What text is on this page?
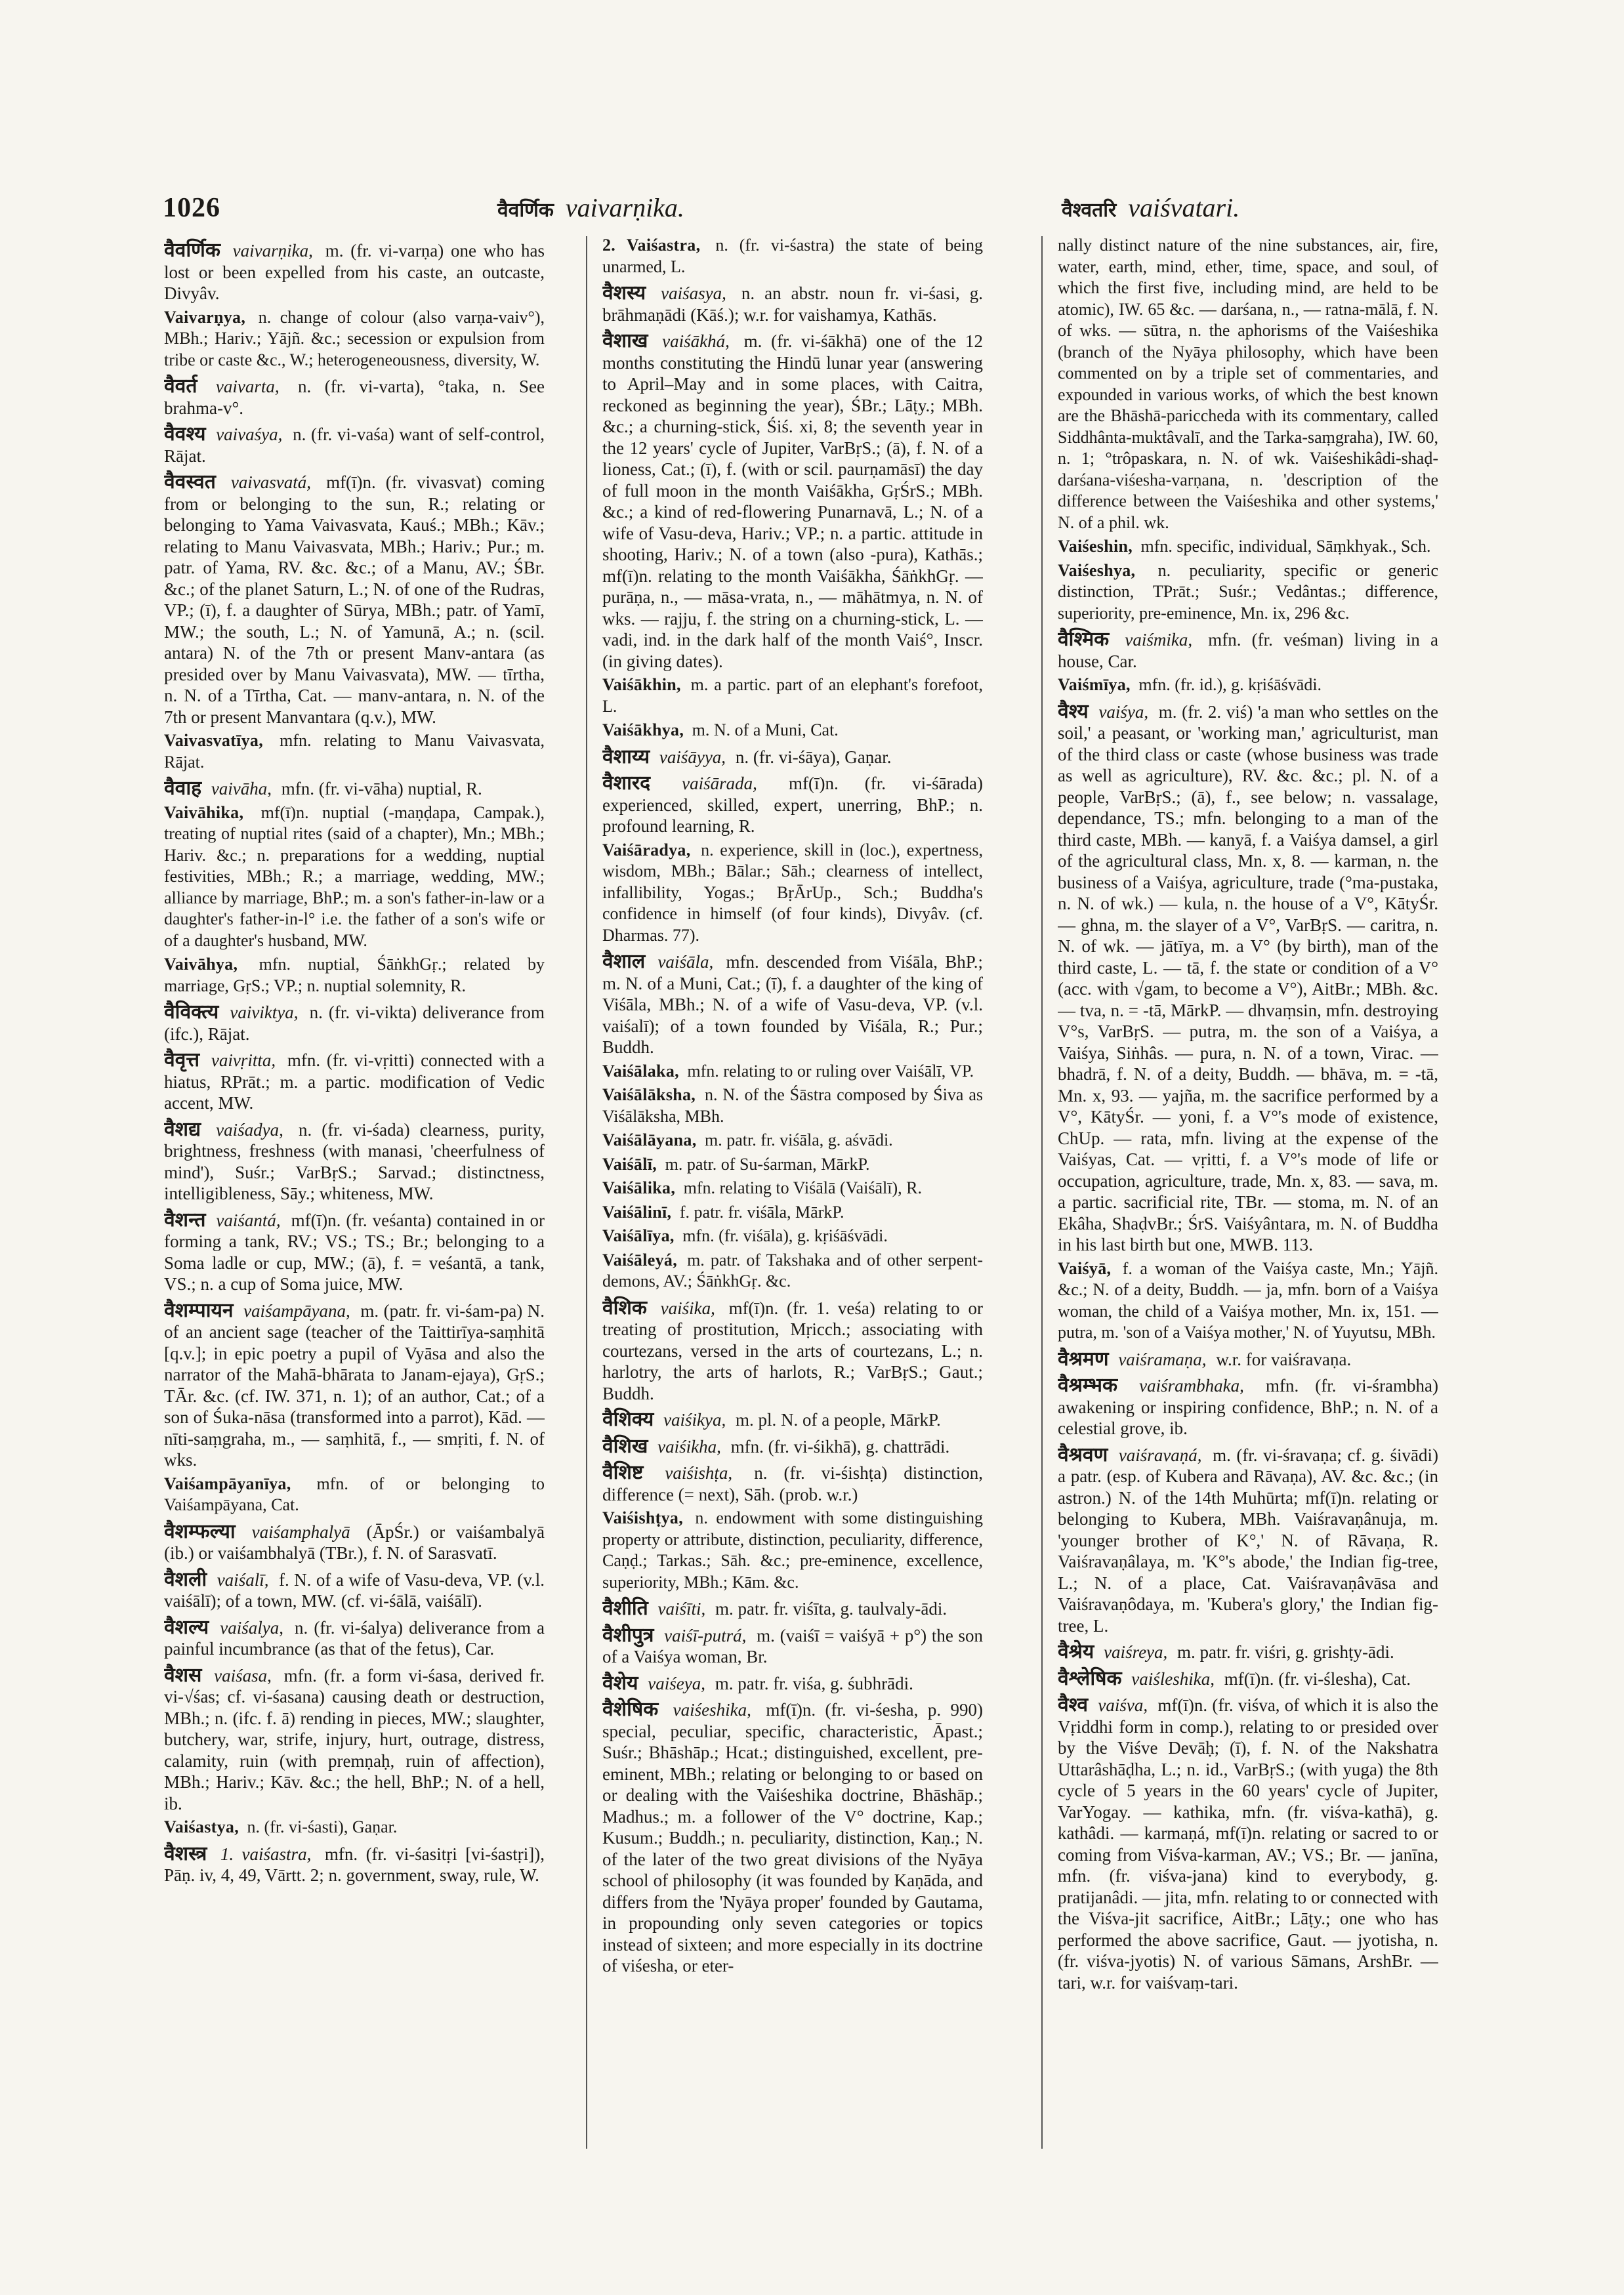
1026	वैवर्णिक vaivarṇika.	वैश्वतरि vaiśvatari.

वैवर्णिक vaivarṇika, m. (fr. vi-varṇa) one who has lost or been expelled from his caste, an outcaste, Divyâv.

Vaivarṇya, n. change of colour (also varṇa-vaiv°), MBh.; Hariv.; Yājñ. &c.; secession or expulsion from tribe or caste &c., W.; heterogeneousness, diversity, W.

वैवर्त vaivarta, n. (fr. vi-varta), °taka, n. See brahma-v°.

वैवश्य vaivaśya, n. (fr. vi-vaśa) want of self-control, Rājat.

वैवस्वत vaivasvatá, mf(ī)n. (fr. vivasvat) coming from or belonging to the sun, R.; relating or belonging to Yama Vaivasvata, Kauś.; MBh.; Kāv.; relating to Manu Vaivasvata, MBh.; Hariv.; Pur.; m. patr. of Yama, RV. &c. &c.; of a Manu, AV.; ŚBr. &c.; of the planet Saturn, L.; N. of one of the Rudras, VP.; (ī), f. a daughter of Sūrya, MBh.; patr. of Yamī, MW.; the south, L.; N. of Yamunā, A.; n. (scil. antara) N. of the 7th or present Manv-antara (as presided over by Manu Vaivasvata), MW. — tīrtha, n. N. of a Tīrtha, Cat. — manv-antara, n. N. of the 7th or present Manvantara (q.v.), MW.

Vaivasvatīya, mfn. relating to Manu Vaivasvata, Rājat.

वैवाह vaivāha, mfn. (fr. vi-vāha) nuptial, R.

Vaivāhika, mf(ī)n. nuptial (-maṇḍapa, Campak.), treating of nuptial rites (said of a chapter), Mn.; MBh.; Hariv. &c.; n. preparations for a wedding, nuptial festivities, MBh.; R.; a marriage, wedding, MW.; alliance by marriage, BhP.; m. a son's father-in-law or a daughter's father-in-l° i.e. the father of a son's wife or of a daughter's husband, MW.

Vaivāhya, mfn. nuptial, ŚāṅkhGṛ.; related by marriage, GṛS.; VP.; n. nuptial solemnity, R.

वैविक्त्य vaiviktya, n. (fr. vi-vikta) deliverance from (ifc.), Rājat.

वैवृत्त vaivṛitta, mfn. (fr. vi-vṛitti) connected with a hiatus, RPrāt.; m. a partic. modification of Vedic accent, MW.

वैशद्य vaiśadya, n. (fr. vi-śada) clearness, purity, brightness, freshness (with manasi, 'cheerfulness of mind'), Suśr.; VarBṛS.; Sarvad.; distinctness, intelligibleness, Sāy.; whiteness, MW.

वैशन्त vaiśantá, mf(ī)n. (fr. veśanta) contained in or forming a tank, RV.; VS.; TS.; Br.; belonging to a Soma ladle or cup, MW.; (ā), f. = veśantā, a tank, VS.; n. a cup of Soma juice, MW.

वैशम्पायन vaiśampāyana, m. (patr. fr. vi-śam-pa) N. of an ancient sage (teacher of the Taittirīya-saṃhitā [q.v.]; in epic poetry a pupil of Vyāsa and also the narrator of the Mahā-bhārata to Janam-ejaya), GṛS.; TĀr. &c. (cf. IW. 371, n. 1); of an author, Cat.; of a son of Śuka-nāsa (transformed into a parrot), Kād. — nīti-saṃgraha, m., — saṃhitā, f., — smṛiti, f. N. of wks.

Vaiśampāyanīya, mfn. of or belonging to Vaiśampāyana, Cat.

वैशम्फल्या vaiśamphalyā (ĀpŚr.) or vaiśambalyā (ib.) or vaiśambhalyā (TBr.), f. N. of Sarasvatī.

वैशली vaiśalī, f. N. of a wife of Vasu-deva, VP. (v.l. vaiśālī); of a town, MW. (cf. vi-śālā, vaiśālī).

वैशल्य vaiśalya, n. (fr. vi-śalya) deliverance from a painful incumbrance (as that of the fetus), Car.

वैशस vaiśasa, mfn. (fr. a form vi-śasa, derived fr. vi-√śas; cf. vi-śasana) causing death or destruction, MBh.; n. (ifc. f. ā) rending in pieces, MW.; slaughter, butchery, war, strife, injury, hurt, outrage, distress, calamity, ruin (with premṇaḥ, ruin of affection), MBh.; Hariv.; Kāv. &c.; the hell, BhP.; N. of a hell, ib.

Vaiśastya, n. (fr. vi-śasti), Gaṇar.

वैशस्त्र 1. vaiśastra, mfn. (fr. vi-śasitṛi [vi-śastṛi]), Pāṇ. iv, 4, 49, Vārtt. 2; n. government, sway, rule, W.

2. Vaiśastra, n. (fr. vi-śastra) the state of being unarmed, L.

वैशस्य vaiśasya, n. an abstr. noun fr. vi-śasi, g. brāhmaṇādi (Kāś.); w.r. for vaishamya, Kathās.

वैशाख vaiśākhá, m. (fr. vi-śākhā) one of the 12 months constituting the Hindū lunar year (answering to April–May and in some places, with Caitra, reckoned as beginning the year), ŚBr.; Lāṭy.; MBh. &c.; a churning-stick, Śiś. xi, 8; the seventh year in the 12 years' cycle of Jupiter, VarBṛS.; (ā), f. N. of a lioness, Cat.; (ī), f. (with or scil. paurṇamāsī) the day of full moon in the month Vaiśākha, GṛŚrS.; MBh. &c.; a kind of red-flowering Punarnavā, L.; N. of a wife of Vasu-deva, Hariv.; VP.; n. a partic. attitude in shooting, Hariv.; N. of a town (also -pura), Kathās.; mf(ī)n. relating to the month Vaiśākha, ŚāṅkhGṛ. — purāṇa, n., — māsa-vrata, n., — māhātmya, n. N. of wks. — rajju, f. the string on a churning-stick, L. — vadi, ind. in the dark half of the month Vaiś°, Inscr. (in giving dates).

Vaiśākhin, m. a partic. part of an elephant's forefoot, L.

Vaiśākhya, m. N. of a Muni, Cat.

वैशाय्य vaiśāyya, n. (fr. vi-śāya), Gaṇar.

वैशारद vaiśārada, mf(ī)n. (fr. vi-śārada) experienced, skilled, expert, unerring, BhP.; n. profound learning, R.

Vaiśāradya, n. experience, skill in (loc.), expertness, wisdom, MBh.; Bālar.; Sāh.; clearness of intellect, infallibility, Yogas.; BṛĀrUp., Sch.; Buddha's confidence in himself (of four kinds), Divyâv. (cf. Dharmas. 77).

वैशाल vaiśāla, mfn. descended from Viśāla, BhP.; m. N. of a Muni, Cat.; (ī), f. a daughter of the king of Viśāla, MBh.; N. of a wife of Vasu-deva, VP. (v.l. vaiśalī); of a town founded by Viśāla, R.; Pur.; Buddh.

Vaiśālaka, mfn. relating to or ruling over Vaiśālī, VP.

Vaiśālāksha, n. N. of the Śāstra composed by Śiva as Viśālāksha, MBh.

Vaiśālāyana, m. patr. fr. viśāla, g. aśvādi.

Vaiśālī, m. patr. of Su-śarman, MārkP.

Vaiśālika, mfn. relating to Viśālā (Vaiśālī), R.

Vaiśālinī, f. patr. fr. viśāla, MārkP.

Vaiśālīya, mfn. (fr. viśāla), g. kṛiśāśvādi.

Vaiśāleyá, m. patr. of Takshaka and of other serpent-demons, AV.; ŚāṅkhGṛ. &c.

वैशिक vaiśika, mf(ī)n. (fr. 1. veśa) relating to or treating of prostitution, Mṛicch.; associating with courtezans, versed in the arts of courtezans, L.; n. harlotry, the arts of harlots, R.; VarBṛS.; Gaut.; Buddh.

वैशिक्य vaiśikya, m. pl. N. of a people, MārkP.

वैशिख vaiśikha, mfn. (fr. vi-śikhā), g. chattrādi.

वैशिष्ट vaiśishṭa, n. (fr. vi-śishṭa) distinction, difference (= next), Sāh. (prob. w.r.)

Vaiśishṭya, n. endowment with some distinguishing property or attribute, distinction, peculiarity, difference, Caṇḍ.; Tarkas.; Sāh. &c.; pre-eminence, excellence, superiority, MBh.; Kām. &c.

वैशीति vaiśīti, m. patr. fr. viśīta, g. taulvaly-ādi.

वैशीपुत्र vaiśī-putrá, m. (vaiśī = vaiśyā + p°) the son of a Vaiśya woman, Br.

वैशेय vaiśeya, m. patr. fr. viśa, g. śubhrādi.

वैशेषिक vaiśeshika, mf(ī)n. (fr. vi-śesha, p. 990) special, peculiar, specific, characteristic, Āpast.; Suśr.; Bhāshāp.; Hcat.; distinguished, excellent, pre-eminent, MBh.; relating or belonging to or based on or dealing with the Vaiśeshika doctrine, Bhāshāp.; Madhus.; m. a follower of the V° doctrine, Kap.; Kusum.; Buddh.; n. peculiarity, distinction, Kaṇ.; N. of the later of the two great divisions of the Nyāya school of philosophy (it was founded by Kaṇāda, and differs from the 'Nyāya proper' founded by Gautama, in propounding only seven categories or topics instead of sixteen; and more especially in its doctrine of viśesha, or eter-

nally distinct nature of the nine substances, air, fire, water, earth, mind, ether, time, space, and soul, of which the first five, including mind, are held to be atomic), IW. 65 &c. — darśana, n., — ratna-mālā, f. N. of wks. — sūtra, n. the aphorisms of the Vaiśeshika (branch of the Nyāya philosophy, which have been commented on by a triple set of commentaries, and expounded in various works, of which the best known are the Bhāshā-pariccheda with its commentary, called Siddhânta-muktâvalī, and the Tarka-saṃgraha), IW. 60, n. 1; °trôpaskara, n. N. of wk. Vaiśeshikâdi-shaḍ-darśana-viśesha-varṇana, n. 'description of the difference between the Vaiśeshika and other systems,' N. of a phil. wk.

Vaiśeshin, mfn. specific, individual, Sāṃkhyak., Sch.

Vaiśeshya, n. peculiarity, specific or generic distinction, TPrāt.; Suśr.; Vedântas.; difference, superiority, pre-eminence, Mn. ix, 296 &c.

वैश्मिक vaiśmika, mfn. (fr. veśman) living in a house, Car.

Vaiśmīya, mfn. (fr. id.), g. kṛiśāśvādi.

वैश्य vaiśya, m. (fr. 2. viś) 'a man who settles on the soil,' a peasant, or 'working man,' agriculturist, man of the third class or caste (whose business was trade as well as agriculture), RV. &c. &c.; pl. N. of a people, VarBṛS.; (ā), f., see below; n. vassalage, dependance, TS.; mfn. belonging to a man of the third caste, MBh. — kanyā, f. a Vaiśya damsel, a girl of the agricultural class, Mn. x, 8. — karman, n. the business of a Vaiśya, agriculture, trade (°ma-pustaka, n. N. of wk.) — kula, n. the house of a V°, KātyŚr. — ghna, m. the slayer of a V°, VarBṛS. — caritra, n. N. of wk. — jātīya, m. a V° (by birth), man of the third caste, L. — tā, f. the state or condition of a V° (acc. with √gam, to become a V°), AitBr.; MBh. &c. — tva, n. = -tā, MārkP. — dhvaṃsin, mfn. destroying V°s, VarBṛS. — putra, m. the son of a Vaiśya, a Vaiśya, Siṅhâs. — pura, n. N. of a town, Virac. — bhadrā, f. N. of a deity, Buddh. — bhāva, m. = -tā, Mn. x, 93. — yajña, m. the sacrifice performed by a V°, KātyŚr. — yoni, f. a V°'s mode of existence, ChUp. — rata, mfn. living at the expense of the Vaiśyas, Cat. — vṛitti, f. a V°'s mode of life or occupation, agriculture, trade, Mn. x, 83. — sava, m. a partic. sacrificial rite, TBr. — stoma, m. N. of an Ekâha, ShaḍvBr.; ŚrS. Vaiśyântara, m. N. of Buddha in his last birth but one, MWB. 113.

Vaiśyā, f. a woman of the Vaiśya caste, Mn.; Yājñ. &c.; N. of a deity, Buddh. — ja, mfn. born of a Vaiśya woman, the child of a Vaiśya mother, Mn. ix, 151. — putra, m. 'son of a Vaiśya mother,' N. of Yuyutsu, MBh.

वैश्रमण vaiśramaṇa, w.r. for vaiśravaṇa.

वैश्रम्भक vaiśrambhaka, mfn. (fr. vi-śrambha) awakening or inspiring confidence, BhP.; n. N. of a celestial grove, ib.

वैश्रवण vaiśravaṇá, m. (fr. vi-śravaṇa; cf. g. śivādi) a patr. (esp. of Kubera and Rāvaṇa), AV. &c. &c.; (in astron.) N. of the 14th Muhūrta; mf(ī)n. relating or belonging to Kubera, MBh. Vaiśravaṇânuja, m. 'younger brother of K°,' N. of Rāvaṇa, R. Vaiśravaṇâlaya, m. 'K°'s abode,' the Indian fig-tree, L.; N. of a place, Cat. Vaiśravaṇâvāsa and Vaiśravaṇôdaya, m. 'Kubera's glory,' the Indian fig-tree, L.

वैश्रेय vaiśreya, m. patr. fr. viśri, g. grishṭy-ādi.

वैश्लेषिक vaiśleshika, mf(ī)n. (fr. vi-ślesha), Cat.

वैश्व vaiśva, mf(ī)n. (fr. viśva, of which it is also the Vṛiddhi form in comp.), relating to or presided over by the Viśve Devāḥ; (ī), f. N. of the Nakshatra Uttarâshāḍha, L.; n. id., VarBṛS.; (with yuga) the 8th cycle of 5 years in the 60 years' cycle of Jupiter, VarYogay. — kathika, mfn. (fr. viśva-kathā), g. kathâdi. — karmaṇá, mf(ī)n. relating or sacred to or coming from Viśva-karman, AV.; VS.; Br. — janīna, mfn. (fr. viśva-jana) kind to everybody, g. pratijanâdi. — jita, mfn. relating to or connected with the Viśva-jit sacrifice, AitBr.; Lāṭy.; one who has performed the above sacrifice, Gaut. — jyotisha, n. (fr. viśva-jyotis) N. of various Sāmans, ArshBr. — tari, w.r. for vaiśvaṃ-tari.
